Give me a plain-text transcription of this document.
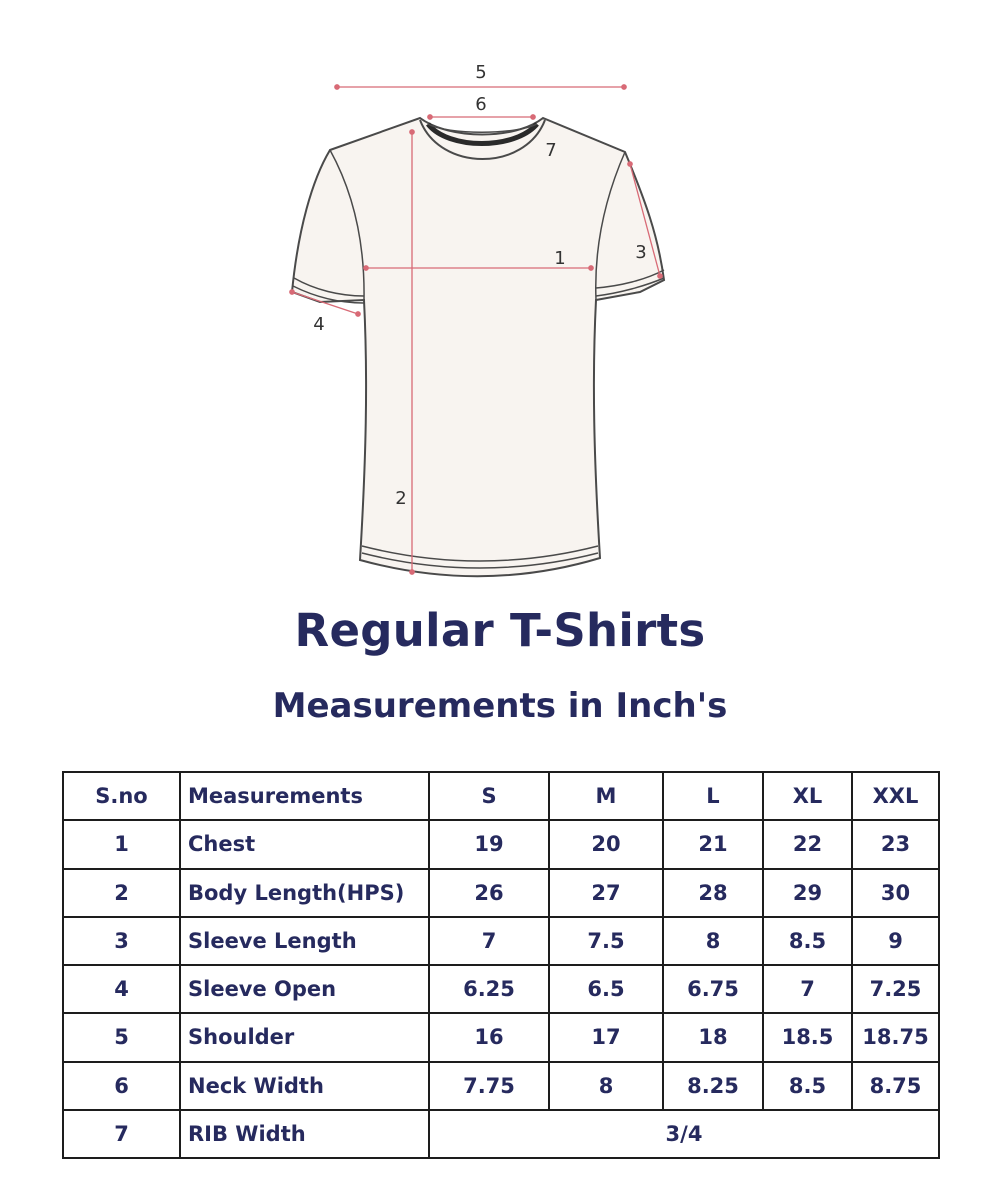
5
6
7
1	3
4
2
Regular T-Shirts
Measurements in Inch's
S.no	Measurements	S	M	L	XL	XXL
1	Chest	19	20	21	22	23
2	Body Length(HPS)	26	27	28	29	30
3	Sleeve Length	7	7.5	8	8.5	9
4	Sleeve Open	6.25	6.5	6.75	7	7.25
5	Shoulder	16	17	18	18.5	18.75
6	Neck Width	7.75	8	8.25	8.5	8.75
7	RIB Width	3/4				
